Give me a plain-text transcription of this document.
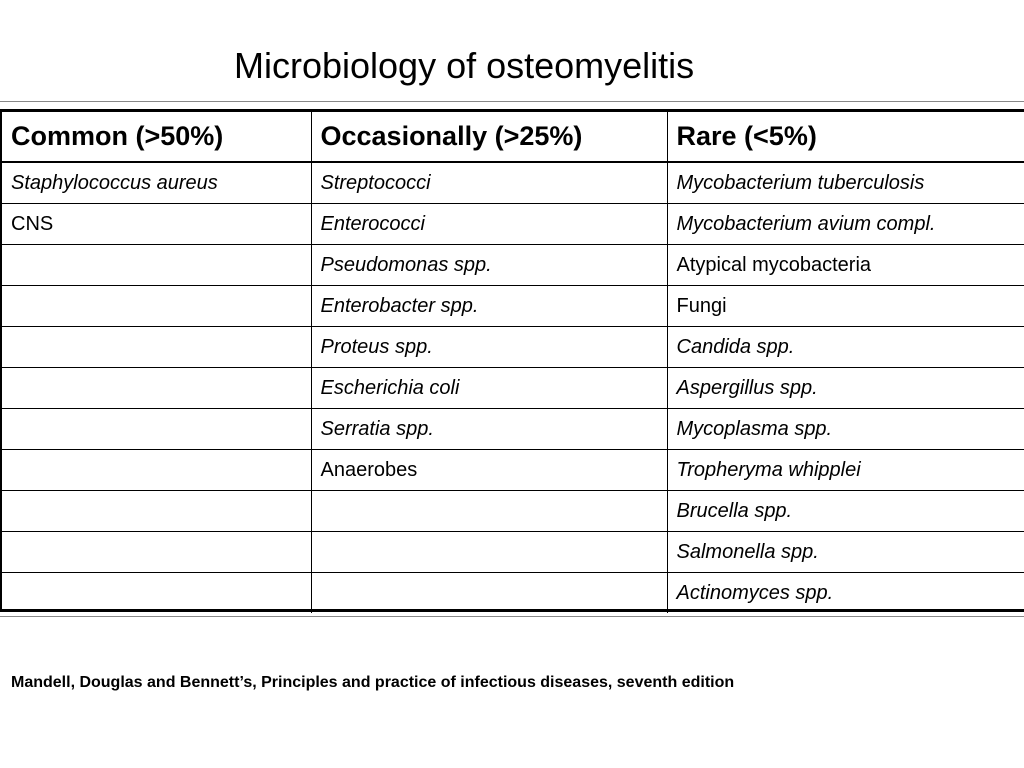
Microbiology of osteomyelitis
Common (>50%)	Occasionally (>25%)	Rare (<5%)
Staphylococcus aureus	Streptococci	Mycobacterium tuberculosis
CNS	Enterococci	Mycobacterium avium compl.
	Pseudomonas spp.	Atypical mycobacteria
	Enterobacter spp.	Fungi
	Proteus spp.	Candida spp.
	Escherichia coli	Aspergillus spp.
	Serratia spp.	Mycoplasma spp.
	Anaerobes	Tropheryma whipplei
		Brucella spp.
		Salmonella spp.
		Actinomyces spp.
Mandell, Douglas and Bennett’s, Principles and practice of infectious diseases, seventh edition
